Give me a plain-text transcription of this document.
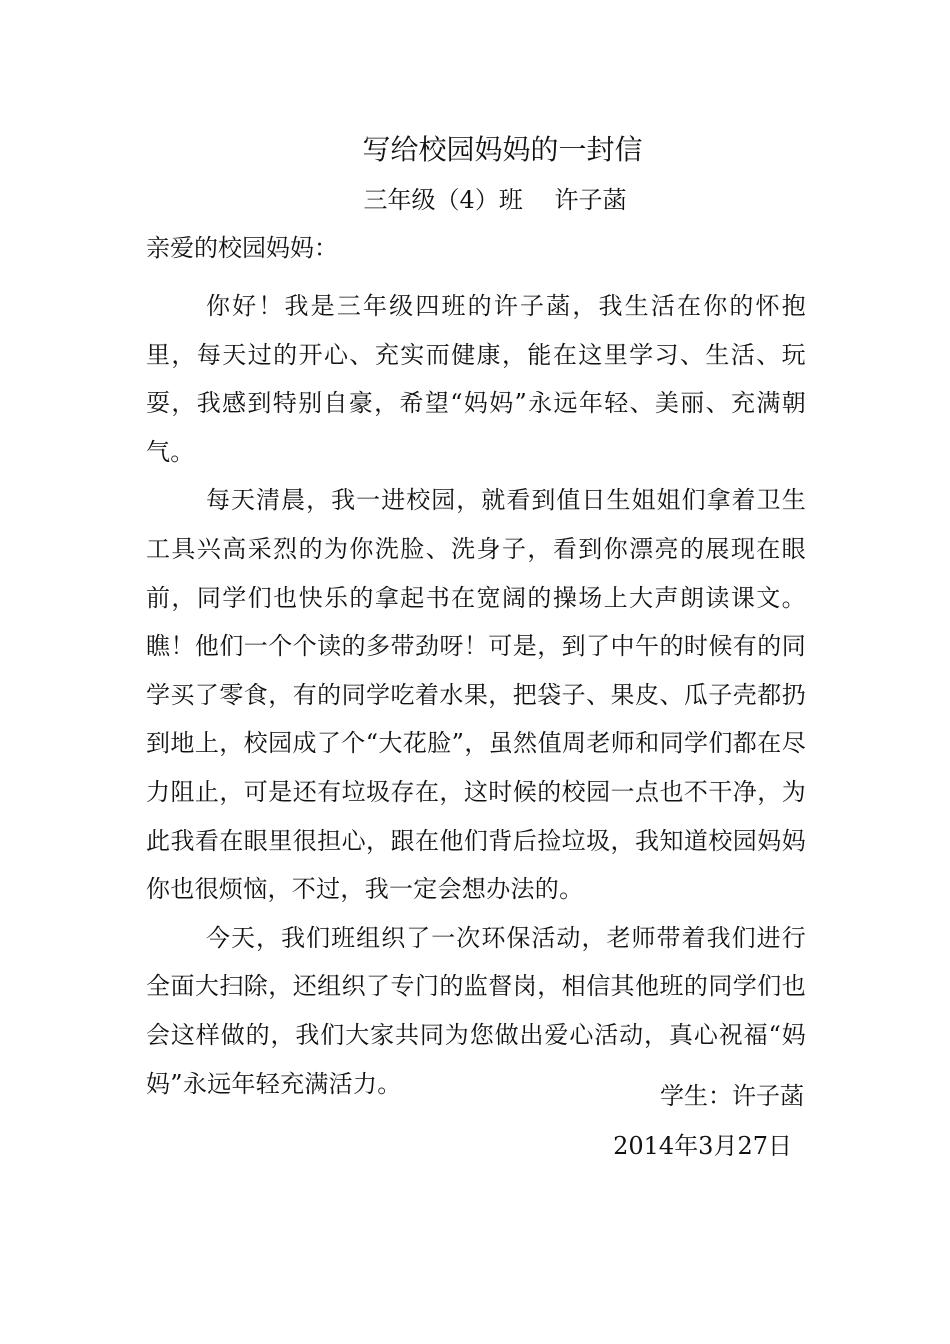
写给校园妈妈的一封信
三年级（4）班　 许子菡
亲爱的校园妈妈：

你好！我是三年级四班的许子菡，我生活在你的怀抱里，每天过的开心、充实而健康，能在这里学习、生活、玩耍，我感到特别自豪，希望“妈妈”永远年轻、美丽、充满朝气。

每天清晨，我一进校园，就看到值日生姐姐们拿着卫生工具兴高采烈的为你洗脸、洗身子，看到你漂亮的展现在眼前，同学们也快乐的拿起书在宽阔的操场上大声朗读课文。瞧！他们一个个读的多带劲呀！可是，到了中午的时候有的同学买了零食，有的同学吃着水果，把袋子、果皮、瓜子壳都扔到地上，校园成了个“大花脸”，虽然值周老师和同学们都在尽力阻止，可是还有垃圾存在，这时候的校园一点也不干净，为此我看在眼里很担心，跟在他们背后捡垃圾，我知道校园妈妈你也很烦恼，不过，我一定会想办法的。

今天，我们班组织了一次环保活动，老师带着我们进行全面大扫除，还组织了专门的监督岗，相信其他班的同学们也会这样做的，我们大家共同为您做出爱心活动，真心祝福“妈妈”永远年轻充满活力。	学生：许子菡
2014年3月27日
